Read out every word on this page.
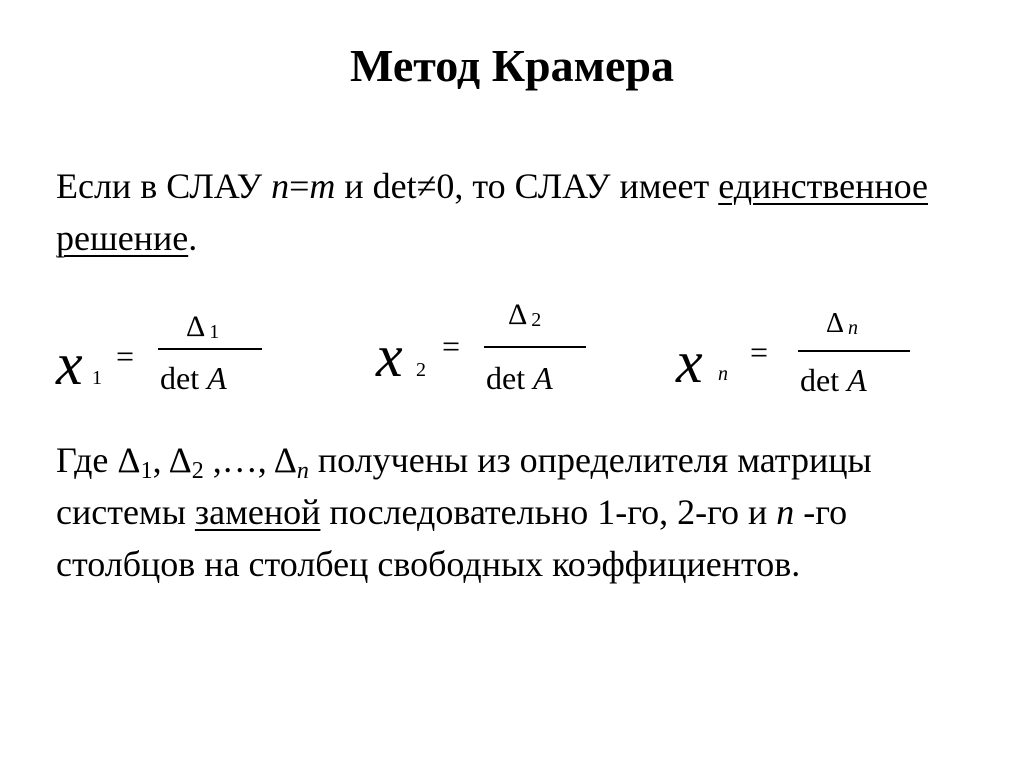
Метод Крамера
Если в СЛАУ n=m и det≠0, то СЛАУ имеет единственное решение.
x 1
=
Δ 1
det A x 2
=
Δ 2
det A x n
=
Δ n
det A
Где $\Delta_1$, $\Delta_2$ ,…, $\Delta_n$ получены из определителя матрицы системы заменой последовательно 1-го, 2-го и n -го столбцов на столбец свободных коэффициентов.
